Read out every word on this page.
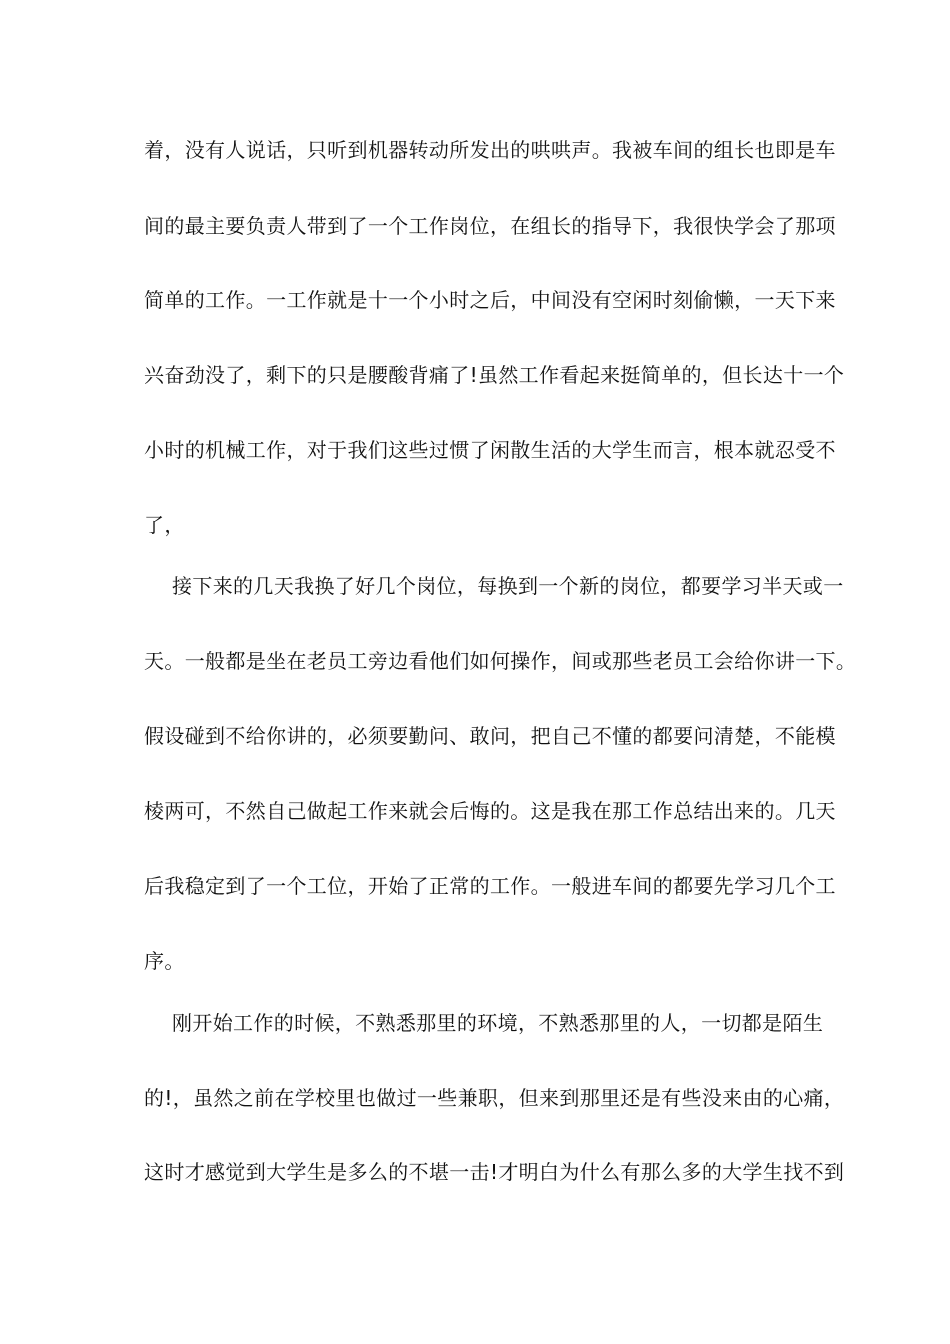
着，没有人说话，只听到机器转动所发出的哄哄声。我被车间的组长也即是车
间的最主要负责人带到了一个工作岗位，在组长的指导下，我很快学会了那项
简单的工作。一工作就是十一个小时之后，中间没有空闲时刻偷懒，一天下来
兴奋劲没了，剩下的只是腰酸背痛了!虽然工作看起来挺简单的，但长达十一个
小时的机械工作，对于我们这些过惯了闲散生活的大学生而言，根本就忍受不
了，
接下来的几天我换了好几个岗位，每换到一个新的岗位，都要学习半天或一
天。一般都是坐在老员工旁边看他们如何操作，间或那些老员工会给你讲一下。
假设碰到不给你讲的，必须要勤问、敢问，把自己不懂的都要问清楚，不能模
棱两可，不然自己做起工作来就会后悔的。这是我在那工作总结出来的。几天
后我稳定到了一个工位，开始了正常的工作。一般进车间的都要先学习几个工
序。
刚开始工作的时候，不熟悉那里的环境，不熟悉那里的人，一切都是陌生
的!，虽然之前在学校里也做过一些兼职，但来到那里还是有些没来由的心痛，
这时才感觉到大学生是多么的不堪一击!才明白为什么有那么多的大学生找不到
